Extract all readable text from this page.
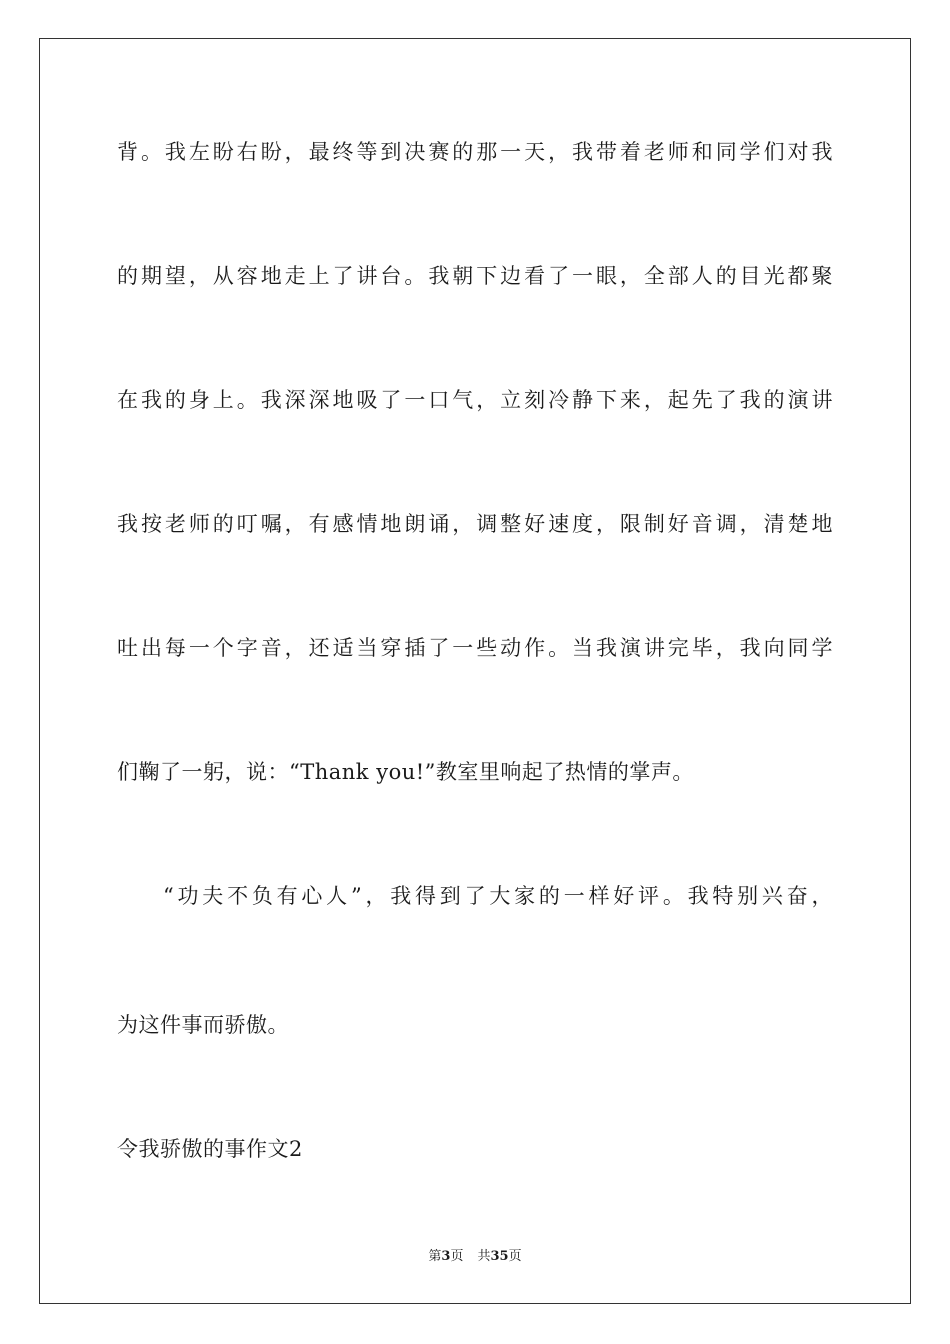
背。我左盼右盼，最终等到决赛的那一天，我带着老师和同学们对我
的期望，从容地走上了讲台。我朝下边看了一眼，全部人的目光都聚
在我的身上。我深深地吸了一口气，立刻冷静下来，起先了我的演讲
我按老师的叮嘱，有感情地朗诵，调整好速度，限制好音调，清楚地
吐出每一个字音，还适当穿插了一些动作。当我演讲完毕，我向同学
们鞠了一躬，说：“Thank you!”教室里响起了热情的掌声。
“功夫不负有心人”，我得到了大家的一样好评。我特别兴奋，
为这件事而骄傲。
令我骄傲的事作文2
第3页 共35页
